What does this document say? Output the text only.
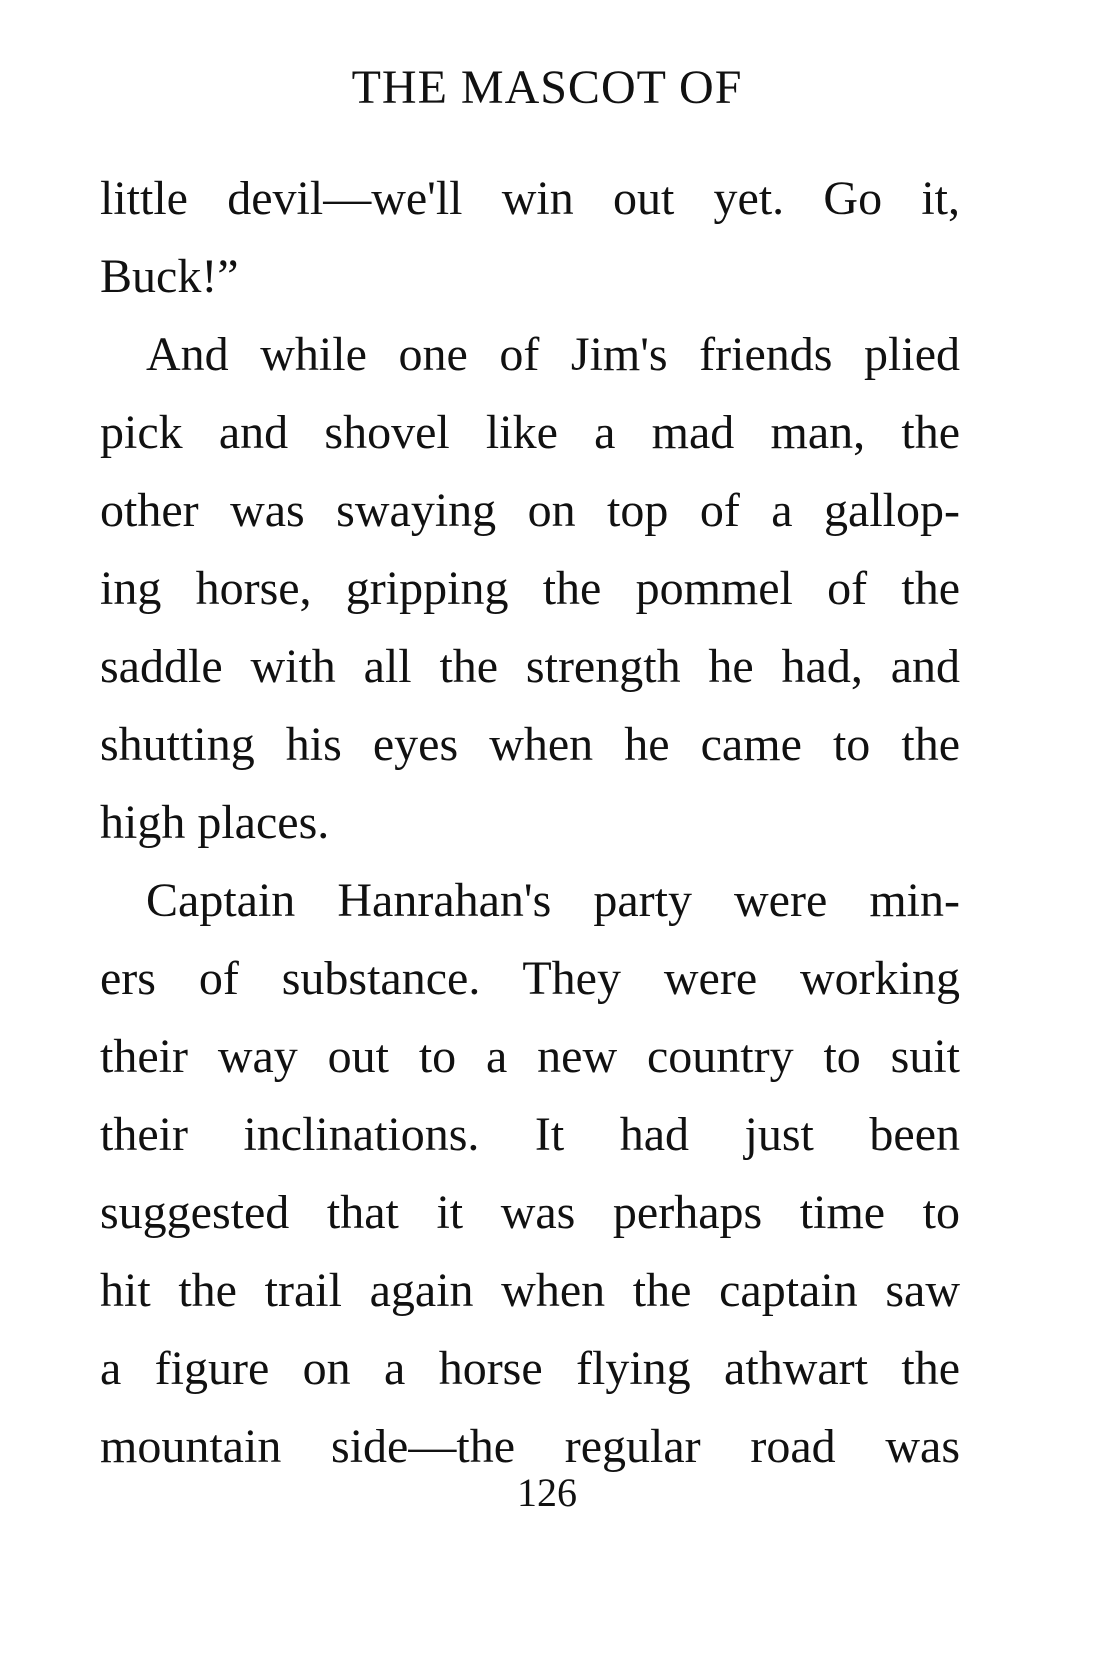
THE MASCOT OF
little devil—we'll win out yet. Go it,
Buck!”
And while one of Jim's friends plied
pick and shovel like a mad man, the
other was swaying on top of a gallop-
ing horse, gripping the pommel of the
saddle with all the strength he had, and
shutting his eyes when he came to the
high places.
Captain Hanrahan's party were min-
ers of substance. They were working
their way out to a new country to suit
their inclinations. It had just been
suggested that it was perhaps time to
hit the trail again when the captain saw
a figure on a horse flying athwart the
mountain side—the regular road was
126
